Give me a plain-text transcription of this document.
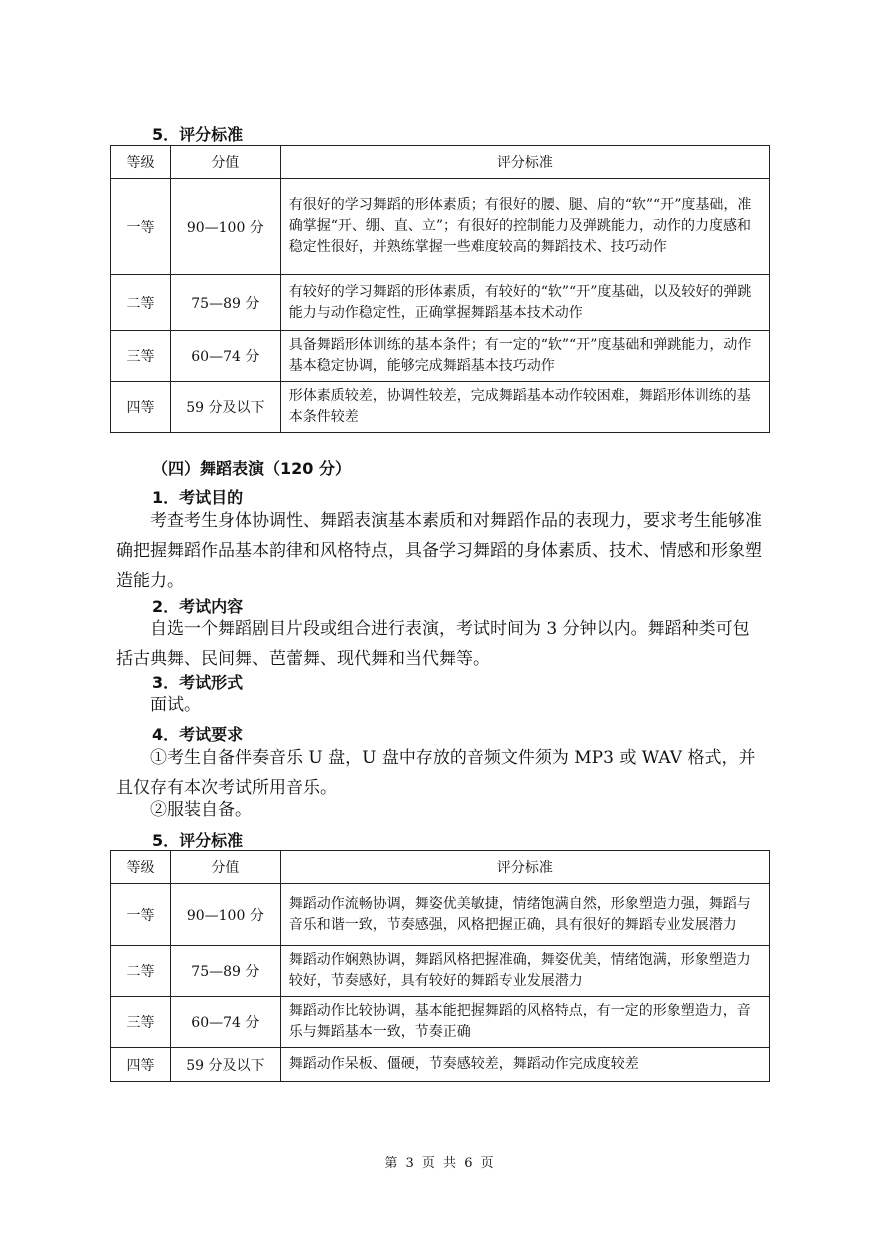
5．评分标准
等级	分值	评分标准
一等	90—100 分	有很好的学习舞蹈的形体素质；有很好的腰、腿、肩的“软”“开”度基础，准确掌握“开、绷、直、立”；有很好的控制能力及弹跳能力，动作的力度感和稳定性很好，并熟练掌握一些难度较高的舞蹈技术、技巧动作
二等	75—89 分	有较好的学习舞蹈的形体素质，有较好的“软”“开”度基础，以及较好的弹跳能力与动作稳定性，正确掌握舞蹈基本技术动作
三等	60—74 分	具备舞蹈形体训练的基本条件；有一定的“软”“开”度基础和弹跳能力，动作基本稳定协调，能够完成舞蹈基本技巧动作
四等	59 分及以下	形体素质较差，协调性较差，完成舞蹈基本动作较困难，舞蹈形体训练的基本条件较差
（四）舞蹈表演（120 分）
1．考试目的
考查考生身体协调性、舞蹈表演基本素质和对舞蹈作品的表现力，要求考生能够准确把握舞蹈作品基本韵律和风格特点，具备学习舞蹈的身体素质、技术、情感和形象塑造能力。
2．考试内容
自选一个舞蹈剧目片段或组合进行表演，考试时间为 3 分钟以内。舞蹈种类可包括古典舞、民间舞、芭蕾舞、现代舞和当代舞等。
3．考试形式
面试。
4．考试要求
①考生自备伴奏音乐 U 盘，U 盘中存放的音频文件须为 MP3 或 WAV 格式，并且仅存有本次考试所用音乐。
②服装自备。
5．评分标准
等级	分值	评分标准
一等	90—100 分	舞蹈动作流畅协调，舞姿优美敏捷，情绪饱满自然，形象塑造力强，舞蹈与音乐和谐一致，节奏感强，风格把握正确，具有很好的舞蹈专业发展潜力
二等	75—89 分	舞蹈动作娴熟协调，舞蹈风格把握准确，舞姿优美，情绪饱满，形象塑造力较好，节奏感好，具有较好的舞蹈专业发展潜力
三等	60—74 分	舞蹈动作比较协调，基本能把握舞蹈的风格特点，有一定的形象塑造力，音乐与舞蹈基本一致，节奏正确
四等	59 分及以下	舞蹈动作呆板、僵硬，节奏感较差，舞蹈动作完成度较差
第 3 页 共 6 页
